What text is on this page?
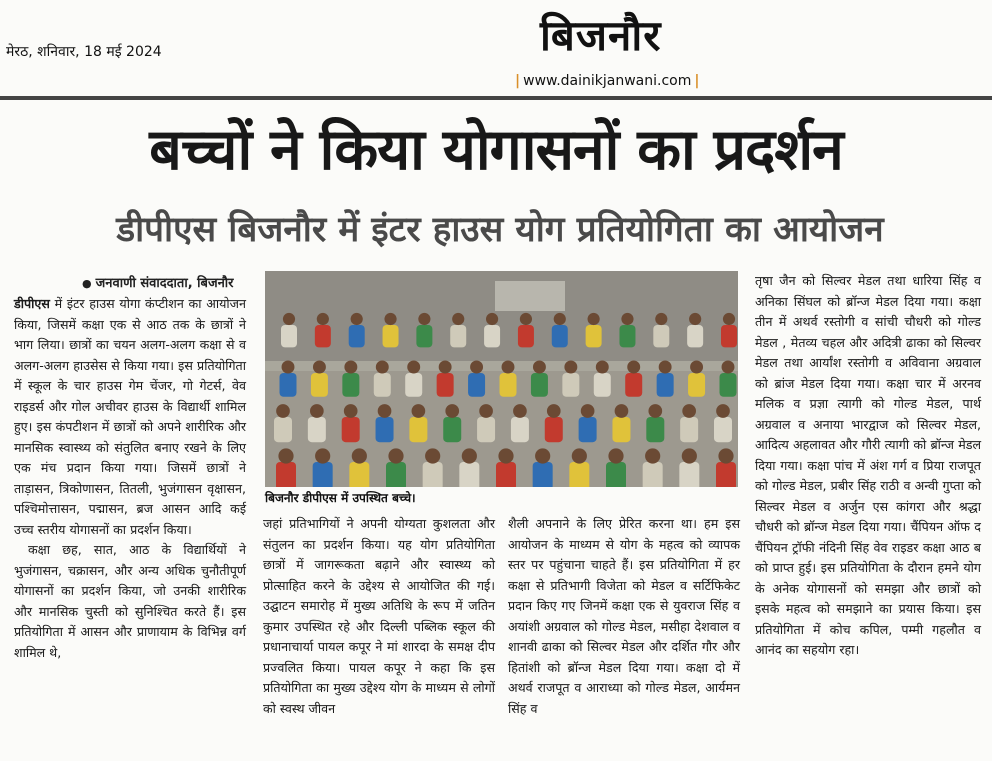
मेरठ, शनिवार, 18 मई 2024	बिजनौर
| www.dainikjanwani.com |
बच्चों ने किया योगासनों का प्रदर्शन
डीपीएस बिजनौर में इंटर हाउस योग प्रतियोगिता का आयोजन
● जनवाणी संवाददाता, बिजनौर

डीपीएस में इंटर हाउस योगा कंप्टीशन का आयोजन किया, जिसमें कक्षा एक से आठ तक के छात्रों ने भाग लिया। छात्रों का चयन अलग-अलग कक्षा से व अलग-अलग हाउसेस से किया गया। इस प्रतियोगिता में स्कूल के चार हाउस गेम चेंजर, गो गेटर्स, वेव राइडर्स और गोल अचीवर हाउस के विद्यार्थी शामिल हुए। इस कंपटीशन में छात्रों को अपने शारीरिक और मानसिक स्वास्थ्य को संतुलित बनाए रखने के लिए एक मंच प्रदान किया गया। जिसमें छात्रों ने ताड़ासन, त्रिकोणासन, तितली, भुजंगासन वृक्षासन, पश्चिमोत्तासन, पद्मासन, ब्रज आसन आदि कई उच्च स्तरीय योगासनों का प्रदर्शन किया।

कक्षा छह, सात, आठ के विद्यार्थियों ने भुजंगासन, चक्रासन, और अन्य अधिक चुनौतीपूर्ण योगासनों का प्रदर्शन किया, जो उनकी शारीरिक और मानसिक चुस्ती को सुनिश्चित करते हैं। इस प्रतियोगिता में आसन और प्राणायाम के विभिन्न वर्ग शामिल थे,

बिजनौर डीपीएस में उपस्थित बच्चे।

जहां प्रतिभागियों ने अपनी योग्यता कुशलता और संतुलन का प्रदर्शन किया। यह योग प्रतियोगिता छात्रों में जागरूकता बढ़ाने और स्वास्थ्य को प्रोत्साहित करने के उद्देश्य से आयोजित की गई। उद्घाटन समारोह में मुख्य अतिथि के रूप में जतिन कुमार उपस्थित रहे और दिल्ली पब्लिक स्कूल की प्रधानाचार्या पायल कपूर ने मां शारदा के समक्ष दीप प्रज्वलित किया। पायल कपूर ने कहा कि इस प्रतियोगिता का मुख्य उद्देश्य योग के माध्यम से लोगों को स्वस्थ जीवन

शैली अपनाने के लिए प्रेरित करना था। हम इस आयोजन के माध्यम से योग के महत्व को व्यापक स्तर पर पहुंचाना चाहते हैं। इस प्रतियोगिता में हर कक्षा से प्रतिभागी विजेता को मेडल व सर्टिफिकेट प्रदान किए गए जिनमें कक्षा एक से युवराज सिंह व अयांशी अग्रवाल को गोल्ड मेडल, मसीहा देशवाल व शानवी ढाका को सिल्वर मेडल और दर्शित गौर और हितांशी को ब्रॉन्ज मेडल दिया गया। कक्षा दो में अथर्व राजपूत व आराध्या को गोल्ड मेडल, आर्यमन सिंह व

तृषा जैन को सिल्वर मेडल तथा धारिया सिंह व अनिका सिंघल को ब्रॉन्ज मेडल दिया गया। कक्षा तीन में अथर्व रस्तोगी व सांची चौधरी को गोल्ड मेडल , मेतव्य चहल और अदित्री ढाका को सिल्वर मेडल तथा आर्यांश रस्तोगी व अविवाना अग्रवाल को ब्रांज मेडल दिया गया। कक्षा चार में अरनव मलिक व प्रज्ञा त्यागी को गोल्ड मेडल, पार्थ अग्रवाल व अनाया भारद्वाज को सिल्वर मेडल, आदित्य अहलावत और गौरी त्यागी को ब्रॉन्ज मेडल दिया गया। कक्षा पांच में अंश गर्ग व प्रिया राजपूत को गोल्ड मेडल, प्रबीर सिंह राठी व अन्वी गुप्ता को सिल्वर मेडल व अर्जुन एस कांगरा और श्रद्धा चौधरी को ब्रॉन्ज मेडल दिया गया। चैंपियन ऑफ द चैंपियन ट्रॉफी नंदिनी सिंह वेव राइडर कक्षा आठ ब को प्राप्त हुई। इस प्रतियोगिता के दौरान हमने योग के अनेक योगासनों को समझा और छात्रों को इसके महत्व को समझाने का प्रयास किया। इस प्रतियोगिता में कोच कपिल, पम्मी गहलौत व आनंद का सहयोग रहा।
